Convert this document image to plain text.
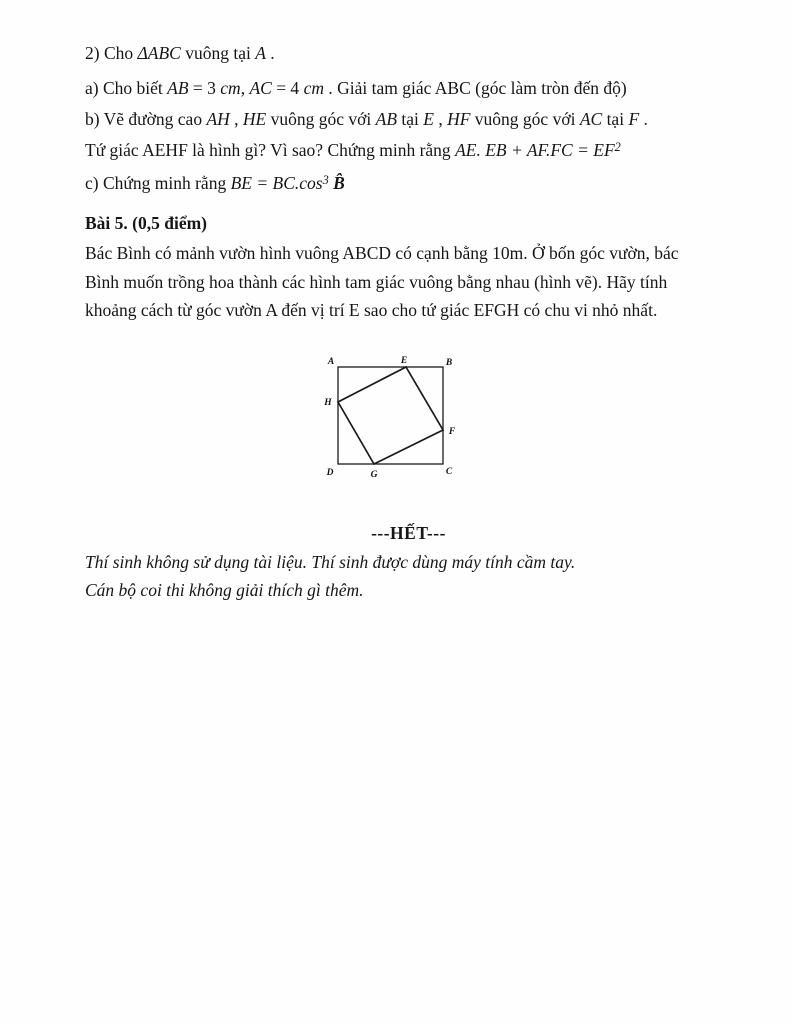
2) Cho ΔABC vuông tại A .
a) Cho biết AB = 3 cm, AC = 4 cm . Giải tam giác ABC (góc làm tròn đến độ)
b) Vẽ đường cao AH , HE vuông góc với AB tại E , HF vuông góc với AC tại F .
Tứ giác AEHF là hình gì? Vì sao? Chứng minh rằng AE. EB + $AF.FC = EF^2$
c) Chứng minh rằng BE = $BC.\cos^3$ B̂
Bài 5. (0,5 điểm)
Bác Bình có mảnh vườn hình vuông ABCD có cạnh bằng 10m. Ở bốn góc vườn, bác
Bình muốn trồng hoa thành các hình tam giác vuông bằng nhau (hình vẽ). Hãy tính
khoảng cách từ góc vườn A đến vị trí E sao cho tứ giác EFGH có chu vi nhỏ nhất.
A	E	B
H
F
D	G	C
---HẾT---
Thí sinh không sử dụng tài liệu. Thí sinh được dùng máy tính cầm tay.
Cán bộ coi thi không giải thích gì thêm.
